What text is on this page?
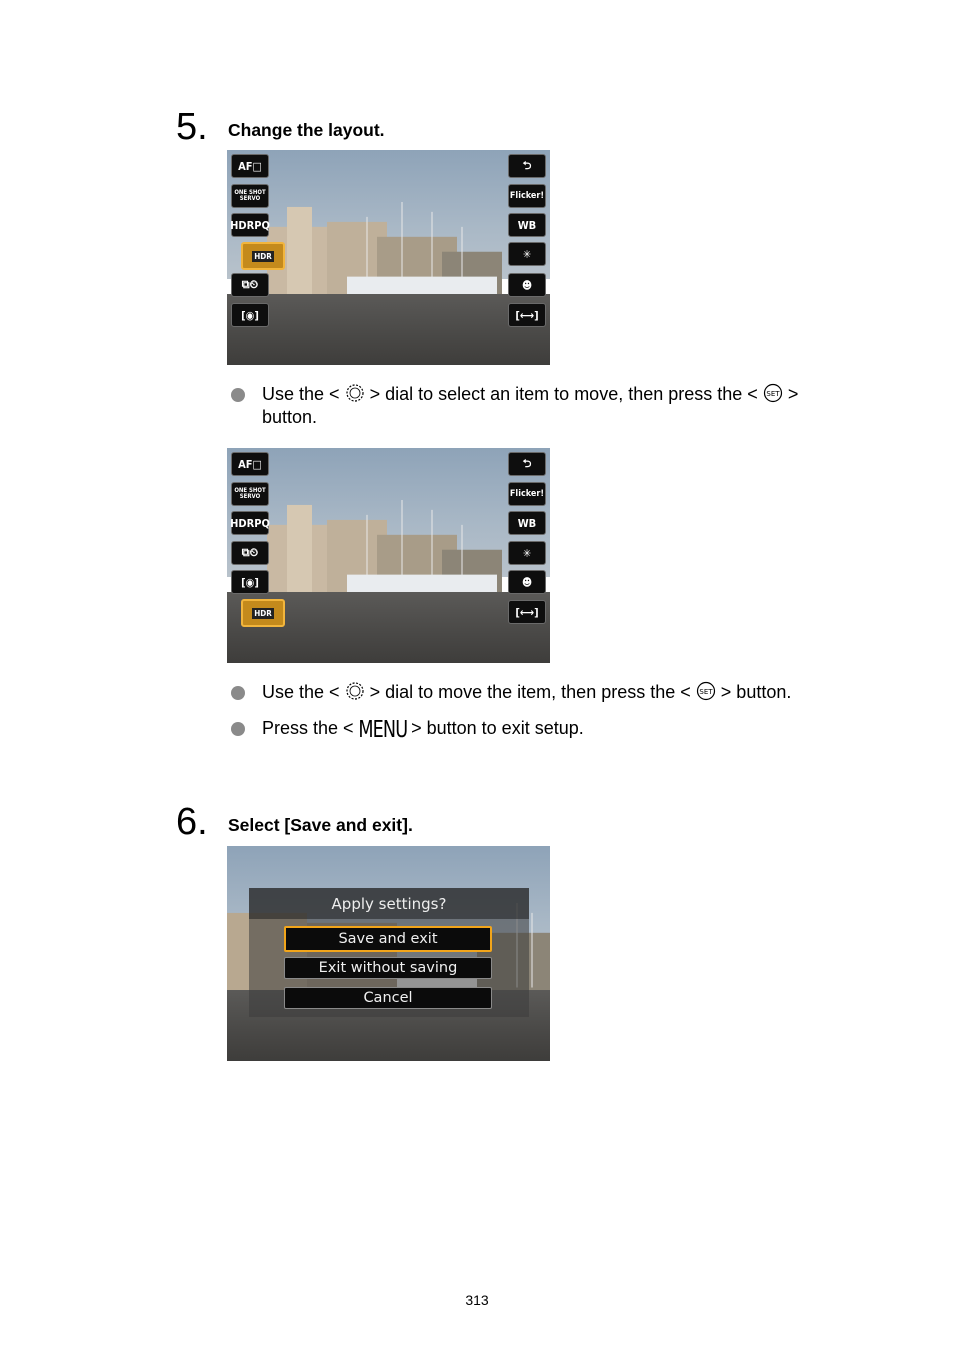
5. Change the layout.
AF□
ONE SHOT SERVO
HDRPQ
HDR
⧉⏲
[◉]
⮌
Flicker!
WB
✳
☻
[⟷]
Use the < > dial to select an item to move, then press the < SET > button.
AF□
ONE SHOT SERVO
HDRPQ
⧉⏲
[◉]
HDR
⮌
Flicker!
WB
✳
☻
[⟷]
Use the < > dial to move the item, then press the < SET > button.
Press the < MENU > button to exit setup.
6. Select [Save and exit].
Apply settings?
Save and exit
Exit without saving
Cancel
313
